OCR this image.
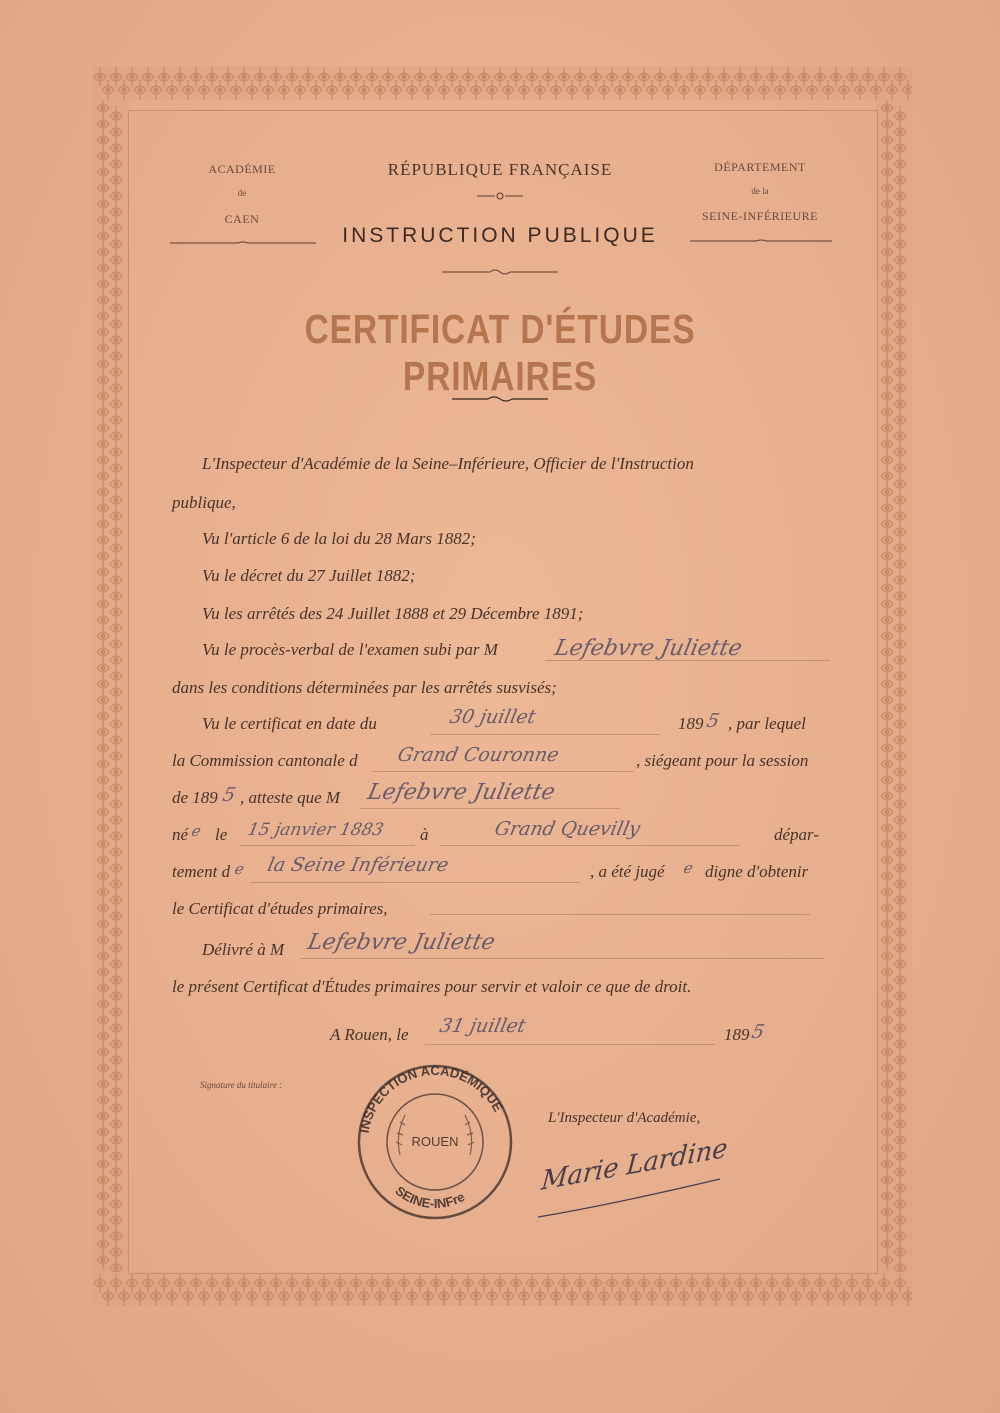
ACADÉMIE
de
CAEN
RÉPUBLIQUE FRANÇAISE
INSTRUCTION PUBLIQUE
DÉPARTEMENT
de la
SEINE-INFÉRIEURE
CERTIFICAT D'ÉTUDES PRIMAIRES
L'Inspecteur d'Académie de la Seine–Inférieure, Officier de l'Instruction
publique,
Vu l'article 6 de la loi du 28 Mars 1882;
Vu le décret du 27 Juillet 1882;
Vu les arrêtés des 24 Juillet 1888 et 29 Décembre 1891;
Vu le procès-verbal de l'examen subi par M Lefebvre Juliette
dans les conditions déterminées par les arrêtés susvisés;
Vu le certificat en date du	30 juillet	189 5 , par lequel
la Commission cantonale d Grand Couronne	, siégeant pour la session
de 189 5 , atteste que M Lefebvre Juliette
né e le 15 janvier 1883 à	Grand Quevilly	dépar-
tement d e la Seine Inférieure	, a été jugé e digne d'obtenir
le Certificat d'études primaires,
Délivré à M Lefebvre Juliette
le présent Certificat d'Études primaires pour servir et valoir ce que de droit.
A Rouen, le 31 juillet	189 5
Signature du titulaire :
INSPECTION ACADÉMIQUE
ROUEN
SEINE-INFre
L'Inspecteur d'Académie,
Marie Lardine
